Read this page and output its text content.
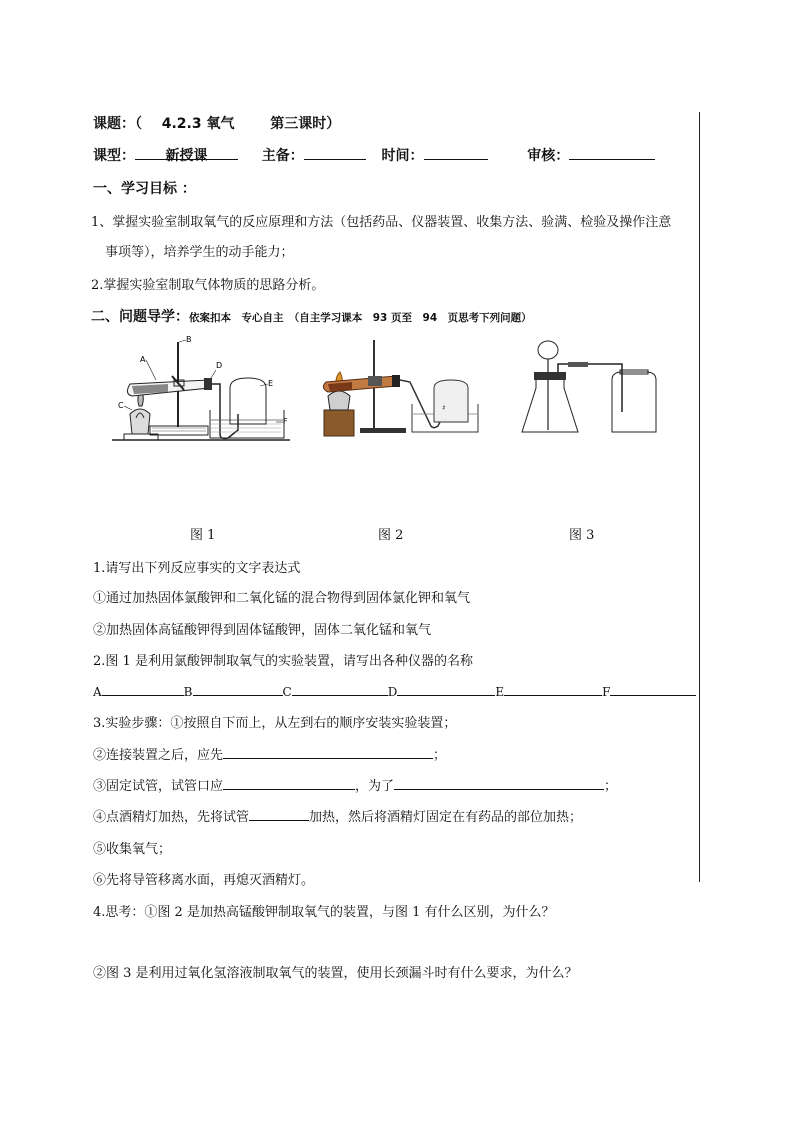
课题：（ 4.2.3 氧气	第三课时）
课型： 新授课	主备：	时间：	审核：
一、学习目标 ：
1、掌握实验室制取氧气的反应原理和方法（包括药品、仪器装置、收集方法、验满、检验及操作注意
事项等），培养学生的动手能力；
2.掌握实验室制取气体物质的思路分析。
二、问题导学：依案扣本　专心自主　（自主学习课本　93 页至　94　页思考下列问题）
A
B
C
D
E
F
♯
图 1	图 2	图 3
1.请写出下列反应事实的文字表达式
①通过加热固体氯酸钾和二氧化锰的混合物得到固体氯化钾和氧气
②加热固体高锰酸钾得到固体锰酸钾，固体二氧化锰和氧气
2.图 1 是利用氯酸钾制取氧气的实验装置，请写出各种仪器的名称
A	B	C	D	E	F
3.实验步骤：①按照自下而上，从左到右的顺序安装实验装置；
②连接装置之后，应先	；
③固定试管，试管口应	，为了	；
④点酒精灯加热，先将试管	加热，然后将酒精灯固定在有药品的部位加热；
⑤收集氧气；
⑥先将导管移离水面，再熄灭酒精灯。
4.思考：①图 2 是加热高锰酸钾制取氧气的装置，与图 1 有什么区别，为什么？
②图 3 是利用过氧化氢溶液制取氧气的装置，使用长颈漏斗时有什么要求，为什么？
